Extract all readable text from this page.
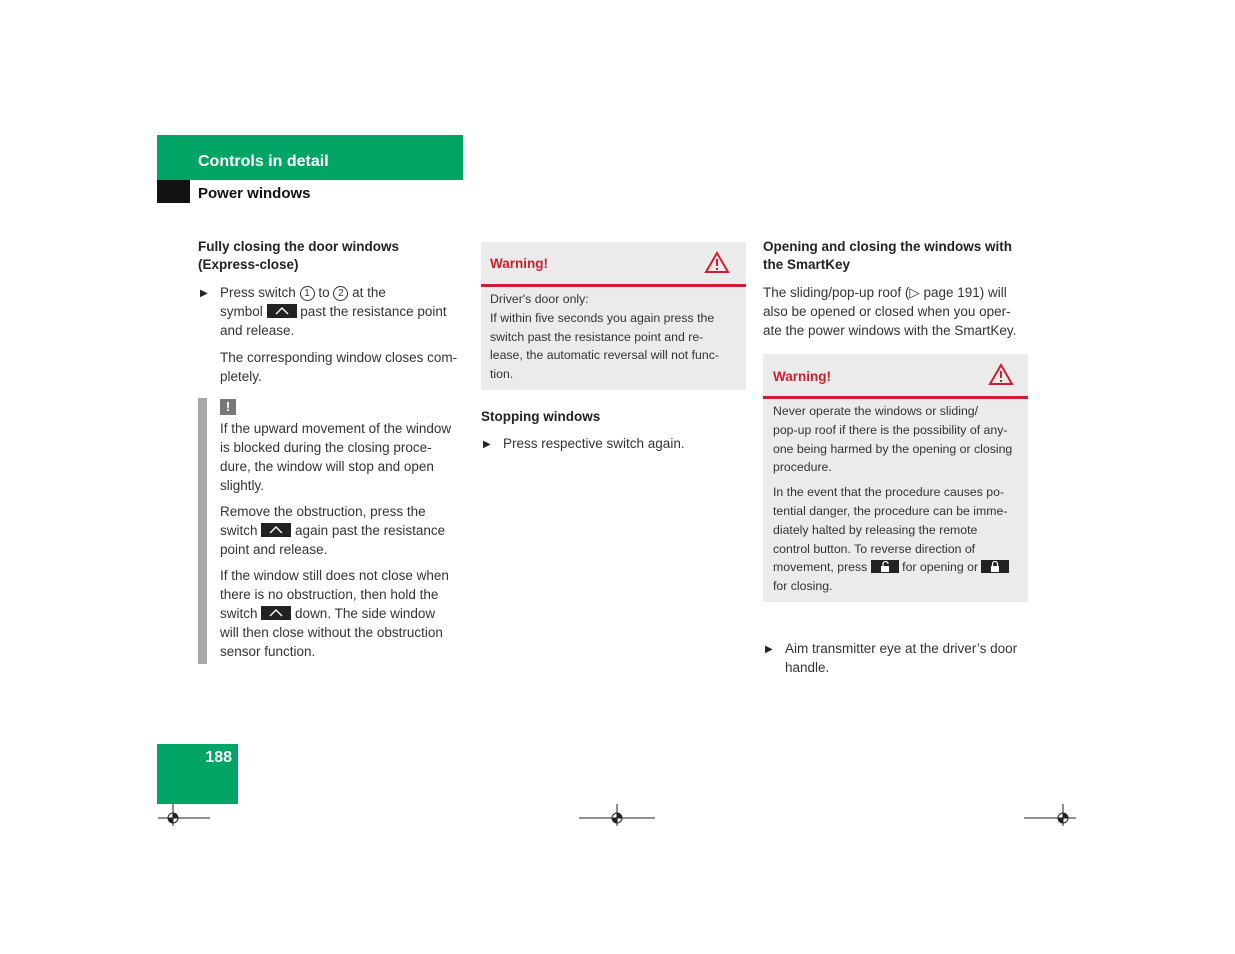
Controls in detail
Power windows
Fully closing the door windows
(Express-close)
▶ Press switch 1 to 2 at the
symbol	past the resistance point
and release.
The corresponding window closes com-
pletely.
!
If the upward movement of the window
is blocked during the closing proce-
dure, the window will stop and open
slightly.
Remove the obstruction, press the
switch	again past the resistance
point and release.
If the window still does not close when
there is no obstruction, then hold the
switch	down. The side window
will then close without the obstruction
sensor function.
Warning!
Driver's door only:
If within five seconds you again press the
switch past the resistance point and re-
lease, the automatic reversal will not func-
tion.
Stopping windows
▶ Press respective switch again.
Opening and closing the windows with
the SmartKey
The sliding/pop-up roof (▷ page 191) will
also be opened or closed when you oper-
ate the power windows with the SmartKey.
Warning!
Never operate the windows or sliding/
pop-up roof if there is the possibility of any-
one being harmed by the opening or closing
procedure.
In the event that the procedure causes po-
tential danger, the procedure can be imme-
diately halted by releasing the remote
control button. To reverse direction of
movement, press	for opening or
for closing.
▶ Aim transmitter eye at the driver’s door
handle.
188
